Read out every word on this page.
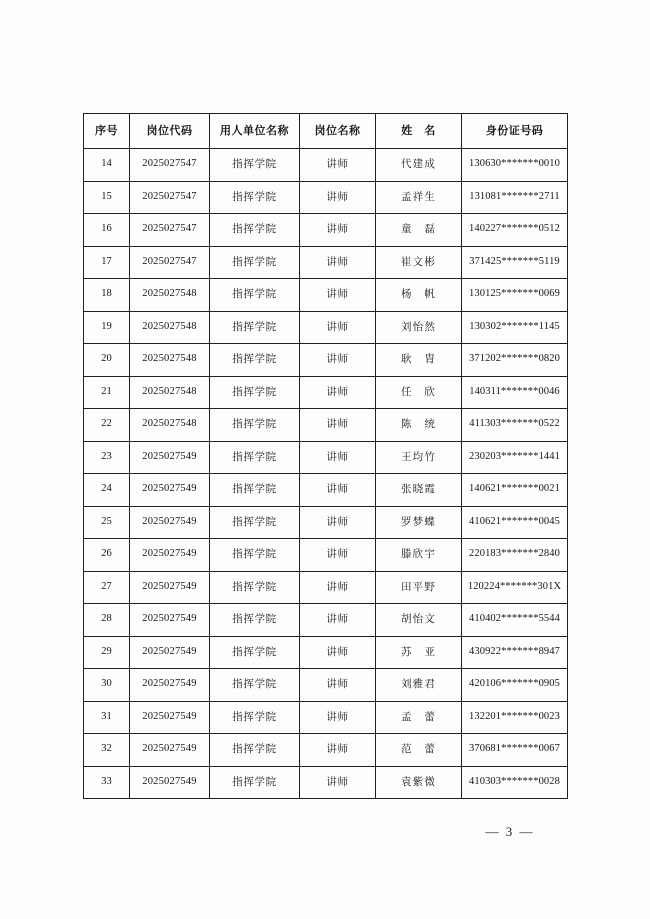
序号	岗位代码	用人单位名称	岗位名称	姓　名	身份证号码
14	2025027547	指挥学院	讲师	代建成	130630*******0010
15	2025027547	指挥学院	讲师	孟祥生	131081*******2711
16	2025027547	指挥学院	讲师	童　磊	140227*******0512
17	2025027547	指挥学院	讲师	崔文彬	371425*******5119
18	2025027548	指挥学院	讲师	杨　帆	130125*******0069
19	2025027548	指挥学院	讲师	刘怡然	130302*******1145
20	2025027548	指挥学院	讲师	耿　胄	371202*******0820
21	2025027548	指挥学院	讲师	任　欣	140311*******0046
22	2025027548	指挥学院	讲师	陈　统	411303*******0522
23	2025027549	指挥学院	讲师	王均竹	230203*******1441
24	2025027549	指挥学院	讲师	张晓霞	140621*******0021
25	2025027549	指挥学院	讲师	罗梦蝶	410621*******0045
26	2025027549	指挥学院	讲师	滕欣宇	220183*******2840
27	2025027549	指挥学院	讲师	田平野	120224*******301X
28	2025027549	指挥学院	讲师	胡怡文	410402*******5544
29	2025027549	指挥学院	讲师	苏　亚	430922*******8947
30	2025027549	指挥学院	讲师	刘雅君	420106*******0905
31	2025027549	指挥学院	讲师	孟　蕾	132201*******0023
32	2025027549	指挥学院	讲师	范　蕾	370681*******0067
33	2025027549	指挥学院	讲师	袁紫微	410303*******0028
— 3 —
